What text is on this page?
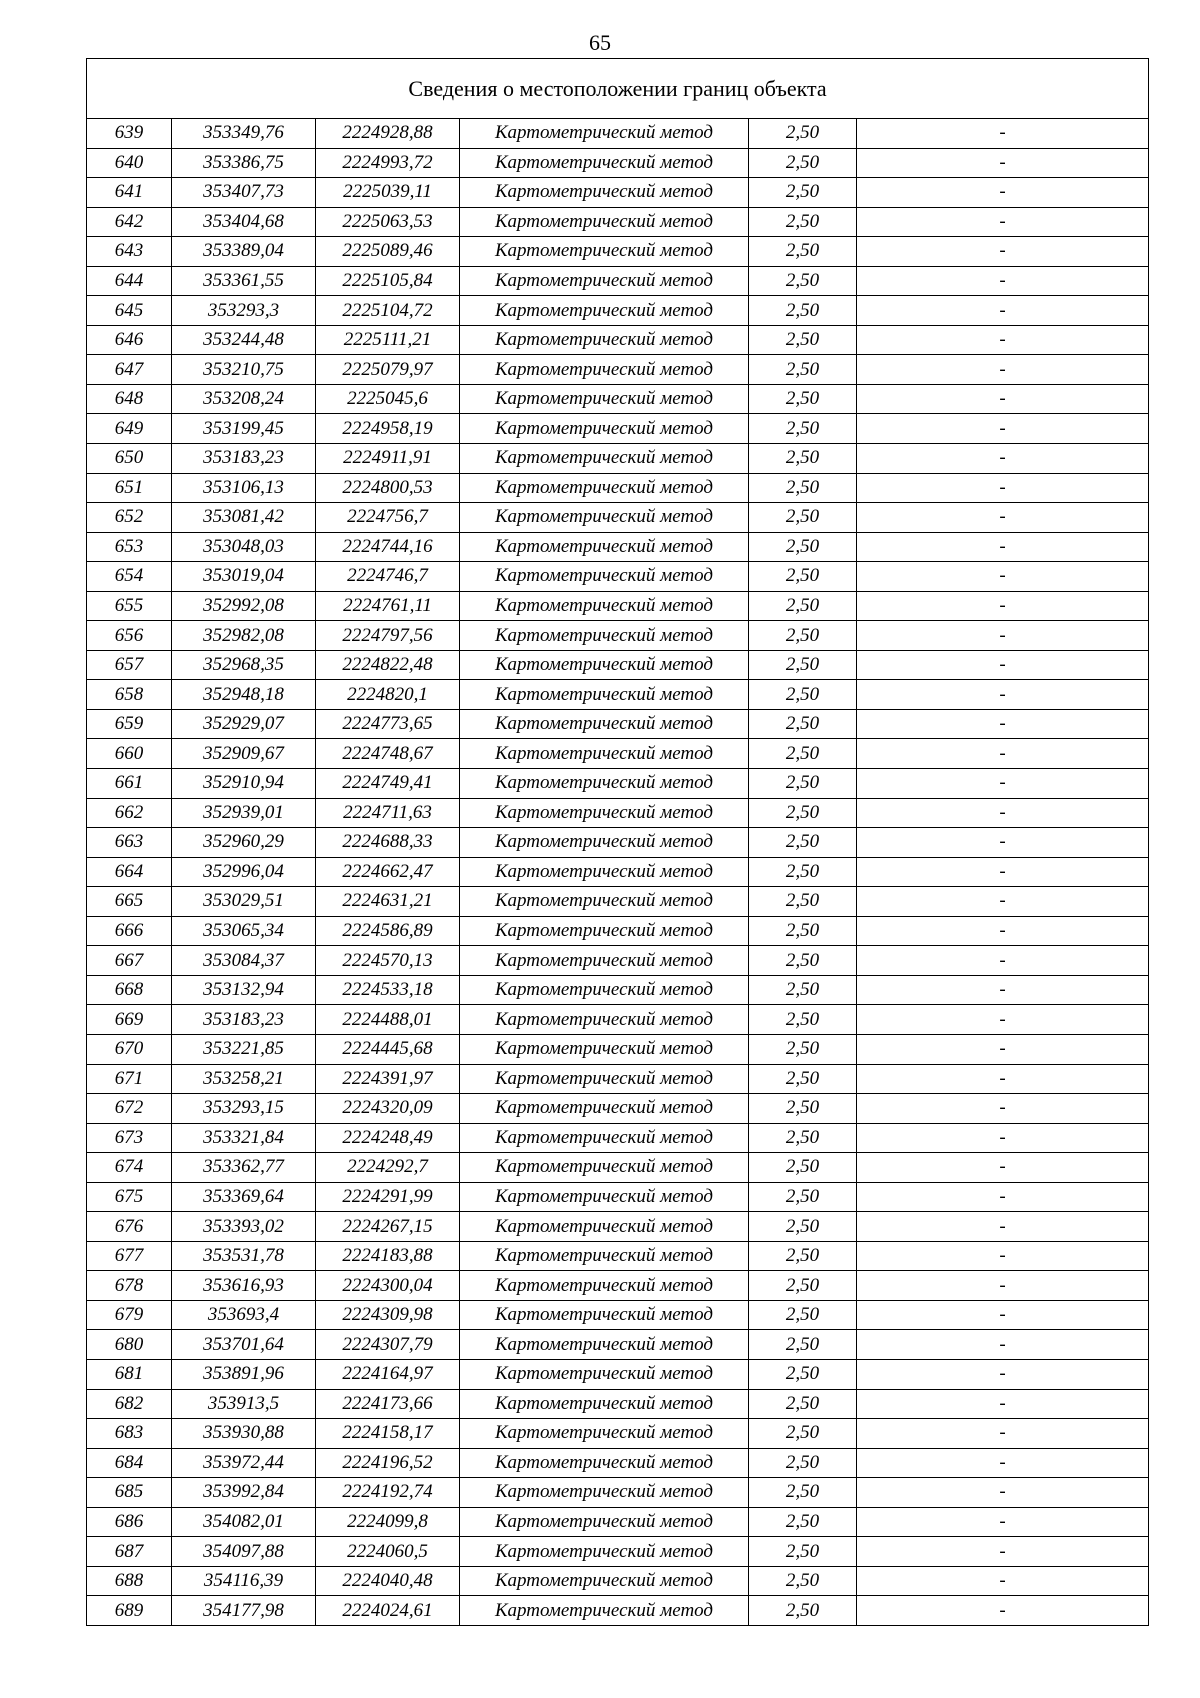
65
Сведения о местоположении границ объекта					
639	353349,76	2224928,88	Картометрический метод	2,50	-
640	353386,75	2224993,72	Картометрический метод	2,50	-
641	353407,73	2225039,11	Картометрический метод	2,50	-
642	353404,68	2225063,53	Картометрический метод	2,50	-
643	353389,04	2225089,46	Картометрический метод	2,50	-
644	353361,55	2225105,84	Картометрический метод	2,50	-
645	353293,3	2225104,72	Картометрический метод	2,50	-
646	353244,48	2225111,21	Картометрический метод	2,50	-
647	353210,75	2225079,97	Картометрический метод	2,50	-
648	353208,24	2225045,6	Картометрический метод	2,50	-
649	353199,45	2224958,19	Картометрический метод	2,50	-
650	353183,23	2224911,91	Картометрический метод	2,50	-
651	353106,13	2224800,53	Картометрический метод	2,50	-
652	353081,42	2224756,7	Картометрический метод	2,50	-
653	353048,03	2224744,16	Картометрический метод	2,50	-
654	353019,04	2224746,7	Картометрический метод	2,50	-
655	352992,08	2224761,11	Картометрический метод	2,50	-
656	352982,08	2224797,56	Картометрический метод	2,50	-
657	352968,35	2224822,48	Картометрический метод	2,50	-
658	352948,18	2224820,1	Картометрический метод	2,50	-
659	352929,07	2224773,65	Картометрический метод	2,50	-
660	352909,67	2224748,67	Картометрический метод	2,50	-
661	352910,94	2224749,41	Картометрический метод	2,50	-
662	352939,01	2224711,63	Картометрический метод	2,50	-
663	352960,29	2224688,33	Картометрический метод	2,50	-
664	352996,04	2224662,47	Картометрический метод	2,50	-
665	353029,51	2224631,21	Картометрический метод	2,50	-
666	353065,34	2224586,89	Картометрический метод	2,50	-
667	353084,37	2224570,13	Картометрический метод	2,50	-
668	353132,94	2224533,18	Картометрический метод	2,50	-
669	353183,23	2224488,01	Картометрический метод	2,50	-
670	353221,85	2224445,68	Картометрический метод	2,50	-
671	353258,21	2224391,97	Картометрический метод	2,50	-
672	353293,15	2224320,09	Картометрический метод	2,50	-
673	353321,84	2224248,49	Картометрический метод	2,50	-
674	353362,77	2224292,7	Картометрический метод	2,50	-
675	353369,64	2224291,99	Картометрический метод	2,50	-
676	353393,02	2224267,15	Картометрический метод	2,50	-
677	353531,78	2224183,88	Картометрический метод	2,50	-
678	353616,93	2224300,04	Картометрический метод	2,50	-
679	353693,4	2224309,98	Картометрический метод	2,50	-
680	353701,64	2224307,79	Картометрический метод	2,50	-
681	353891,96	2224164,97	Картометрический метод	2,50	-
682	353913,5	2224173,66	Картометрический метод	2,50	-
683	353930,88	2224158,17	Картометрический метод	2,50	-
684	353972,44	2224196,52	Картометрический метод	2,50	-
685	353992,84	2224192,74	Картометрический метод	2,50	-
686	354082,01	2224099,8	Картометрический метод	2,50	-
687	354097,88	2224060,5	Картометрический метод	2,50	-
688	354116,39	2224040,48	Картометрический метод	2,50	-
689	354177,98	2224024,61	Картометрический метод	2,50	-
